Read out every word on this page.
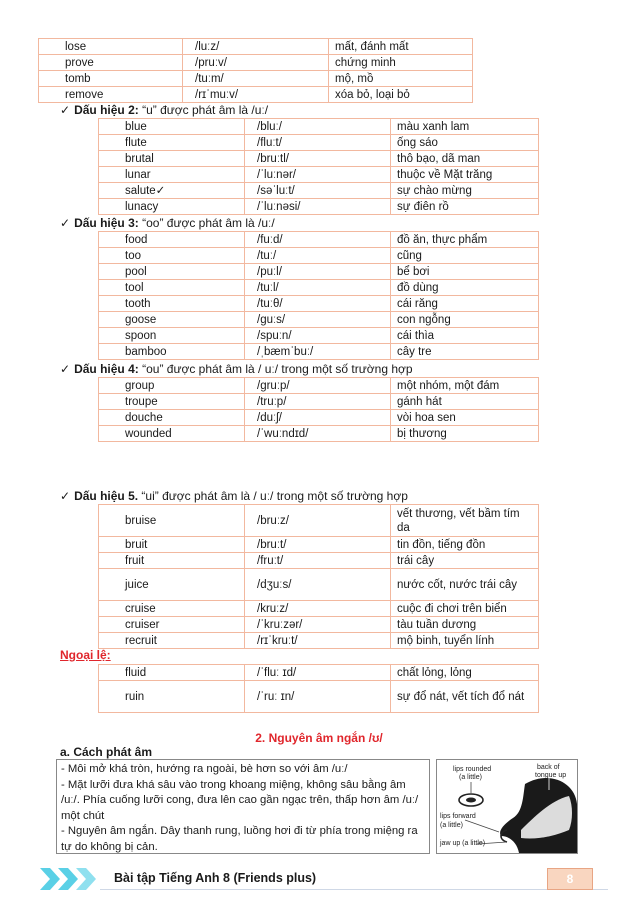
lose	/luːz/	mất, đánh mất
prove	/pruːv/	chứng minh
tomb	/tuːm/	mộ, mồ
remove	/rɪˈmuːv/	xóa bỏ, loại bỏ
✓ Dấu hiệu 2: “u” được phát âm là /uː/
blue	/bluː/	màu xanh lam
flute	/fluːt/	ống sáo
brutal	/bruːtl/	thô bạo, dã man
lunar	/ˈluːnər/	thuộc về Mặt trăng
salute✓	/səˈluːt/	sự chào mừng
lunacy	/ˈluːnəsi/	sự điên rồ
✓ Dấu hiệu 3: “oo” được phát âm là /uː/
food	/fuːd/	đồ ăn, thực phẩm
too	/tuː/	cũng
pool	/puːl/	bể bơi
tool	/tuːl/	đồ dùng
tooth	/tuːθ/	cái răng
goose	/guːs/	con ngỗng
spoon	/spuːn/	cái thìa
bamboo	/ˌbæmˈbuː/	cây tre
✓ Dấu hiệu 4: “ou” được phát âm là / uː/ trong một số trường hợp
group	/gruːp/	một nhóm, một đám
troupe	/truːp/	gánh hát
douche	/duːʃ/	vòi hoa sen
wounded	/ˈwuːndɪd/	bị thương
✓ Dấu hiệu 5. “ui” được phát âm là / uː/ trong một số trường hợp
bruise	/bruːz/	vết thương, vết bầm tím da
bruit	/bruːt/	tin đồn, tiếng đồn
fruit	/fruːt/	trái cây
juice	/dʒuːs/	nước cốt, nước trái cây
cruise	/kruːz/	cuộc đi chơi trên biển
cruiser	/ˈkruːzər/	tàu tuần dương
recruit	/rɪˈkruːt/	mộ binh, tuyển lính
Ngoại lệ:
fluid	/ˈfluː ɪd/	chất lỏng, lỏng
ruin	/ˈruː ɪn/	sự đổ nát, vết tích đổ nát
2. Nguyên âm ngắn /ʊ/
a. Cách phát âm

- Môi mở khá tròn, hướng ra ngoài, bè hơn so với âm /uː/

- Mặt lưỡi đưa khá sâu vào trong khoang miệng, không sâu bằng âm /uː/. Phía cuống lưỡi cong, đưa lên cao gần ngạc trên, thấp hơn âm /uː/ một chút

- Nguyên âm ngắn. Dây thanh rung, luồng hơi đi từ phía trong miệng ra tự do không bị cản.

lips rounded
(a little)
back of
tongue up
lips forward
(a little)
jaw up (a little)
Bài tập Tiếng Anh 8 (Friends plus)	8
